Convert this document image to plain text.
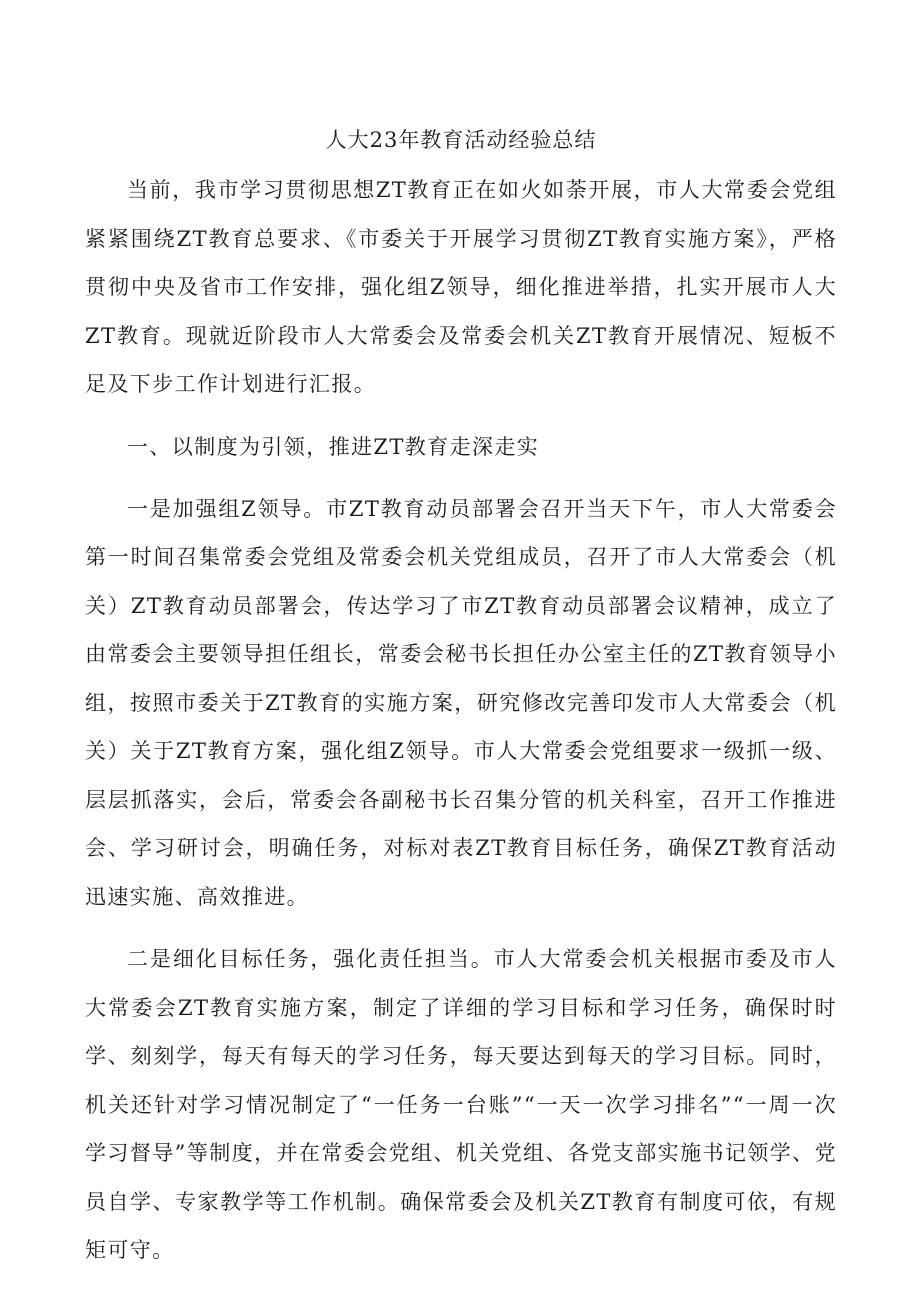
人大23年教育活动经验总结

当前，我市学习贯彻思想ZT教育正在如火如荼开展，市人大常委会党组紧紧围绕ZT教育总要求、《市委关于开展学习贯彻ZT教育实施方案》，严格贯彻中央及省市工作安排，强化组Z领导，细化推进举措，扎实开展市人大ZT教育。现就近阶段市人大常委会及常委会机关ZT教育开展情况、短板不足及下步工作计划进行汇报。

一、以制度为引领，推进ZT教育走深走实

一是加强组Z领导。市ZT教育动员部署会召开当天下午，市人大常委会第一时间召集常委会党组及常委会机关党组成员，召开了市人大常委会（机关）ZT教育动员部署会，传达学习了市ZT教育动员部署会议精神，成立了由常委会主要领导担任组长，常委会秘书长担任办公室主任的ZT教育领导小组，按照市委关于ZT教育的实施方案，研究修改完善印发市人大常委会（机关）关于ZT教育方案，强化组Z领导。市人大常委会党组要求一级抓一级、层层抓落实，会后，常委会各副秘书长召集分管的机关科室，召开工作推进会、学习研讨会，明确任务，对标对表ZT教育目标任务，确保ZT教育活动迅速实施、高效推进。

二是细化目标任务，强化责任担当。市人大常委会机关根据市委及市人大常委会ZT教育实施方案，制定了详细的学习目标和学习任务，确保时时学、刻刻学，每天有每天的学习任务，每天要达到每天的学习目标。同时，机关还针对学习情况制定了“一任务一台账”“一天一次学习排名”“一周一次学习督导”等制度，并在常委会党组、机关党组、各党支部实施书记领学、党员自学、专家教学等工作机制。确保常委会及机关ZT教育有制度可依，有规矩可守。
